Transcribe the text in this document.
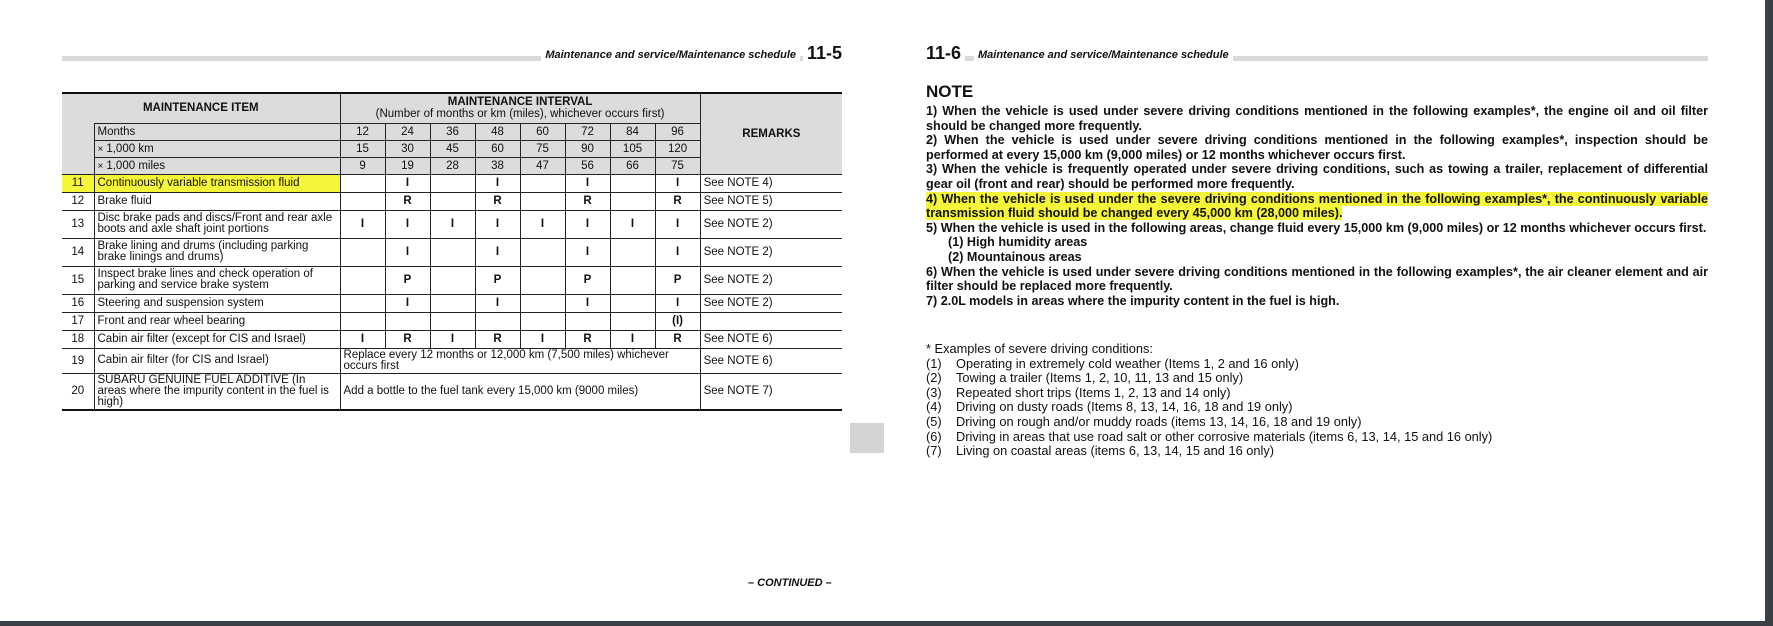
Maintenance and service/Maintenance schedule 11-5
MAINTENANCE ITEM		MAINTENANCE INTERVAL
(Number of months or km (miles), whichever occurs first)								REMARKS
	Months	12	24	36	48	60	72	84	96	
	× 1,000 km	15	30	45	60	75	90	105	120	
	× 1,000 miles	9	19	28	38	47	56	66	75	
11	Continuously variable transmission fluid		I		I		I		I	See NOTE 4)
12	Brake fluid		R		R		R		R	See NOTE 5)
13	Disc brake pads and discs/Front and rear axle boots and axle shaft joint portions	I	I	I	I	I	I	I	I	See NOTE 2)
14	Brake lining and drums (including parking brake linings and drums)		I		I		I		I	See NOTE 2)
15	Inspect brake lines and check operation of parking and service brake system		P		P		P		P	See NOTE 2)
16	Steering and suspension system		I		I		I		I	See NOTE 2)
17	Front and rear wheel bearing								(I)	
18	Cabin air filter (except for CIS and Israel)	I	R	I	R	I	R	I	R	See NOTE 6)
19	Cabin air filter (for CIS and Israel)	Replace every 12 months or 12,000 km (7,500 miles) whichever occurs first								See NOTE 6)
20	SUBARU GENUINE FUEL ADDITIVE (In areas where the impurity content in the fuel is high)	Add a bottle to the fuel tank every 15,000 km (9000 miles)								See NOTE 7)
– CONTINUED –
11-6	Maintenance and service/Maintenance schedule
NOTE

1) When the vehicle is used under severe driving conditions mentioned in the following examples*, the engine oil and oil filter should be changed more frequently.

2) When the vehicle is used under severe driving conditions mentioned in the following examples*, inspection should be performed at every 15,000 km (9,000 miles) or 12 months whichever occurs first.

3) When the vehicle is frequently operated under severe driving conditions, such as towing a trailer, replacement of differential gear oil (front and rear) should be performed more frequently.

4) When the vehicle is used under the severe driving conditions mentioned in the following examples*, the continuously variable transmission fluid should be changed every 45,000 km (28,000 miles).

5) When the vehicle is used in the following areas, change fluid every 15,000 km (9,000 miles) or 12 months whichever occurs first.

(1) High humidity areas

(2) Mountainous areas

6) When the vehicle is used under severe driving conditions mentioned in the following examples*, the air cleaner element and air filter should be replaced more frequently.

7) 2.0L models in areas where the impurity content in the fuel is high.

* Examples of severe driving conditions:

(1) Operating in extremely cold weather (Items 1, 2 and 16 only)

(2) Towing a trailer (Items 1, 2, 10, 11, 13 and 15 only)

(3) Repeated short trips (Items 1, 2, 13 and 14 only)

(4) Driving on dusty roads (Items 8, 13, 14, 16, 18 and 19 only)

(5) Driving on rough and/or muddy roads (items 13, 14, 16, 18 and 19 only)

(6) Driving in areas that use road salt or other corrosive materials (items 6, 13, 14, 15 and 16 only)

(7) Living on coastal areas (items 6, 13, 14, 15 and 16 only)
